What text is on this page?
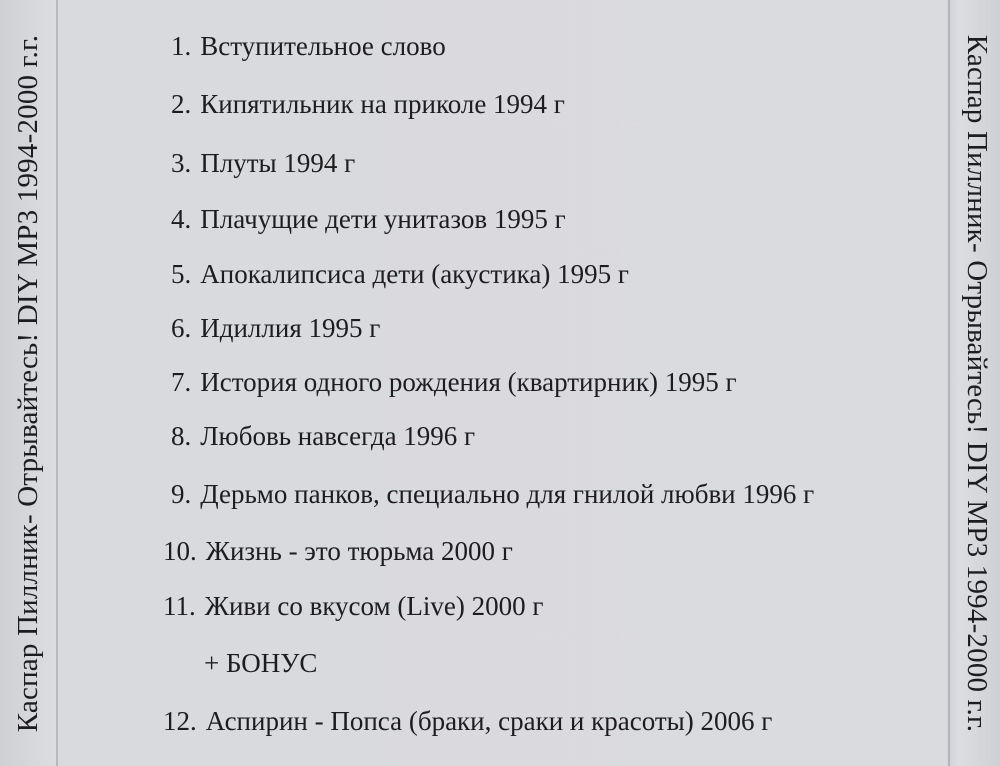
Каспар Пиллник- Отрывайтесь! DIY MP3 1994-2000 г.г.	Каспар Пиллник- Отрывайтесь! DIY MP3 1994-2000 г.г.
1. Вступительное слово
2. Кипятильник на приколе 1994 г
3. Плуты 1994 г
4. Плачущие дети унитазов 1995 г
5. Апокалипсиса дети (акустика) 1995 г
6. Идиллия 1995 г
7. История одного рождения (квартирник) 1995 г
8. Любовь навсегда 1996 г
9. Дерьмо панков, специально для гнилой любви 1996 г
10. Жизнь - это тюрьма 2000 г
11. Живи со вкусом (Live) 2000 г
+ БОНУС
12. Аспирин - Попса (браки, сраки и красоты) 2006 г
